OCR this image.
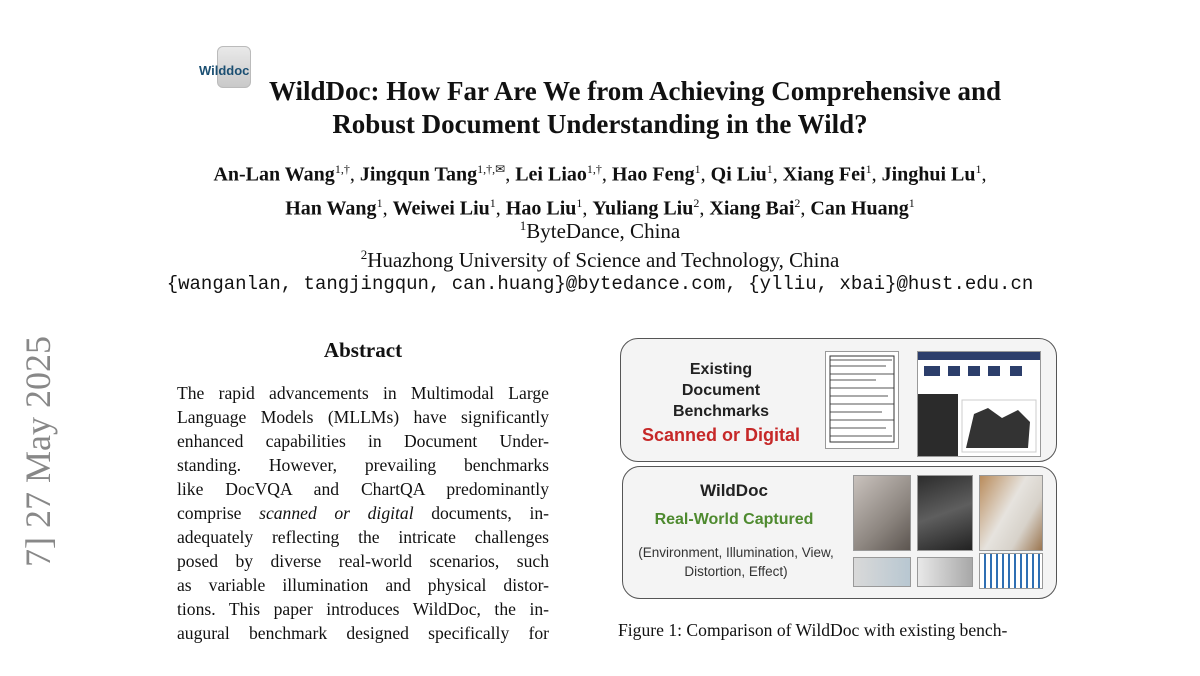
Wilddoc
WildDoc: How Far Are We from Achieving Comprehensive and
Robust Document Understanding in the Wild?
An-Lan Wang$^{1,\dagger}$, Jingqun Tang$^{1,\dagger,✉}$, Lei Liao$^{1,\dagger}$, Hao Feng$^1$, Qi Liu$^1$, Xiang Fei$^1$, Jinghui Lu$^1$,
Han Wang$^1$, Weiwei Liu$^1$, Hao Liu$^1$, Yuliang Liu$^2$, Xiang Bai$^2$, Can Huang$^1$
$^1$ByteDance, China
$^2$Huazhong University of Science and Technology, China
{wanganlan, tangjingqun, can.huang}@bytedance.com, {ylliu, xbai}@hust.edu.cn
7] 27 May 2025	Abstract
The rapid advancements in Multimodal Large
Language Models (MLLMs) have significantly
enhanced capabilities in Document Under-
standing. However, prevailing benchmarks
like DocVQA and ChartQA predominantly
comprise scanned or digital documents, in-
adequately reflecting the intricate challenges
posed by diverse real-world scenarios, such
as variable illumination and physical distor-
tions. This paper introduces WildDoc, the in-
augural benchmark designed specifically for
Existing
Document
Benchmarks
Scanned or Digital
WildDoc
Real-World Captured
(Environment, Illumination, View,
Distortion, Effect)
Figure 1: Comparison of WildDoc with existing bench-
